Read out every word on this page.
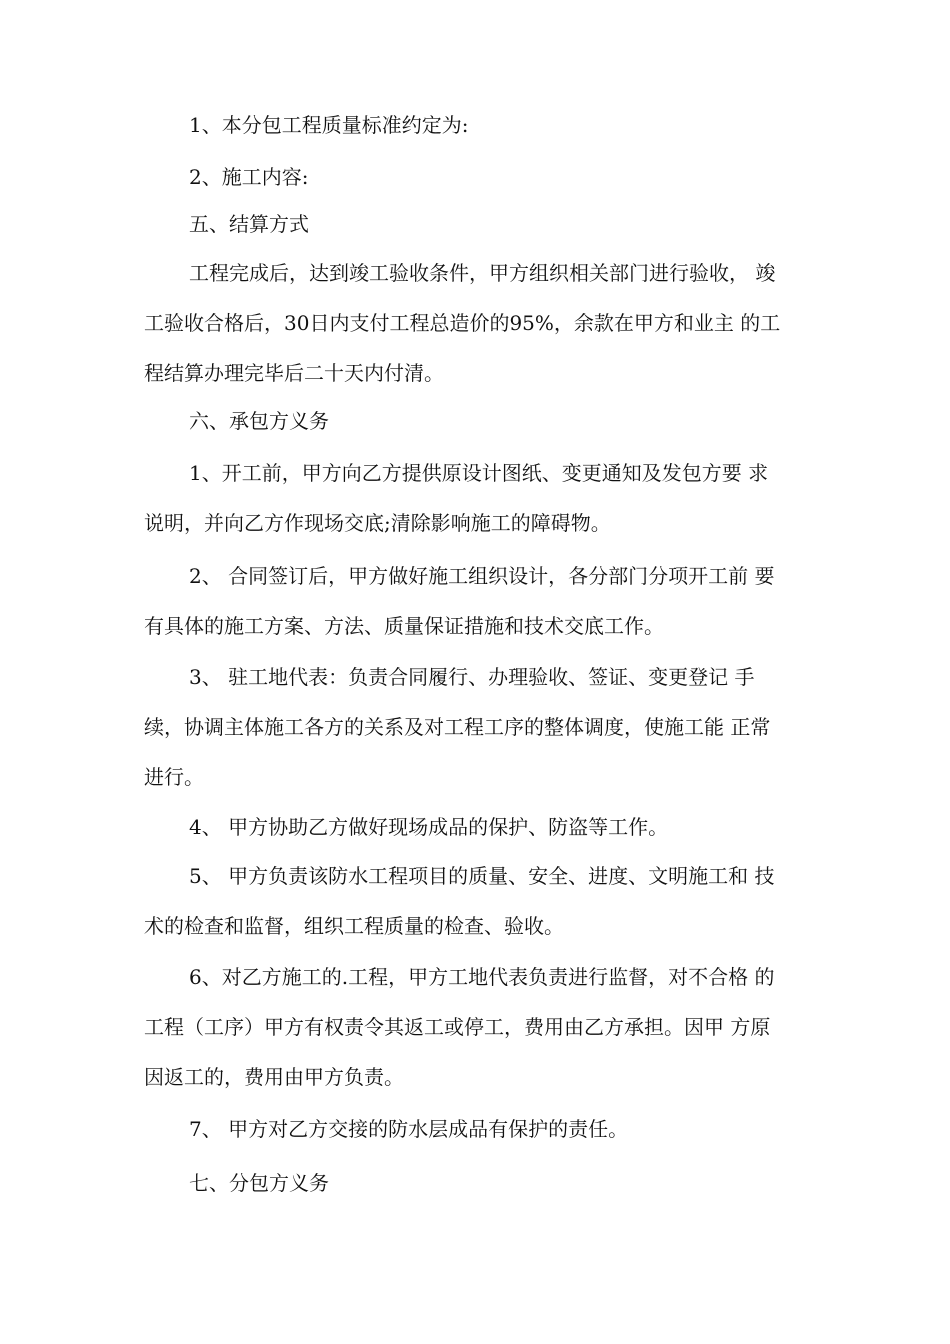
1、本分包工程质量标准约定为:
2、施工内容:
五、结算方式
工程完成后，达到竣工验收条件，甲方组织相关部门进行验收， 竣
工验收合格后，30日内支付工程总造价的95%，余款在甲方和业主 的工
程结算办理完毕后二十天内付清。
六、承包方义务
1、开工前，甲方向乙方提供原设计图纸、变更通知及发包方要 求
说明，并向乙方作现场交底;清除影响施工的障碍物。
2、 合同签订后，甲方做好施工组织设计，各分部门分项开工前 要
有具体的施工方案、方法、质量保证措施和技术交底工作。
3、 驻工地代表：负责合同履行、办理验收、签证、变更登记 手
续，协调主体施工各方的关系及对工程工序的整体调度，使施工能 正常
进行。
4、 甲方协助乙方做好现场成品的保护、防盗等工作。
5、 甲方负责该防水工程项目的质量、安全、进度、文明施工和 技
术的检查和监督，组织工程质量的检查、验收。
6、对乙方施工的.工程，甲方工地代表负责进行监督，对不合格 的
工程（工序）甲方有权责令其返工或停工，费用由乙方承担。因甲 方原
因返工的，费用由甲方负责。
7、 甲方对乙方交接的防水层成品有保护的责任。
七、分包方义务
